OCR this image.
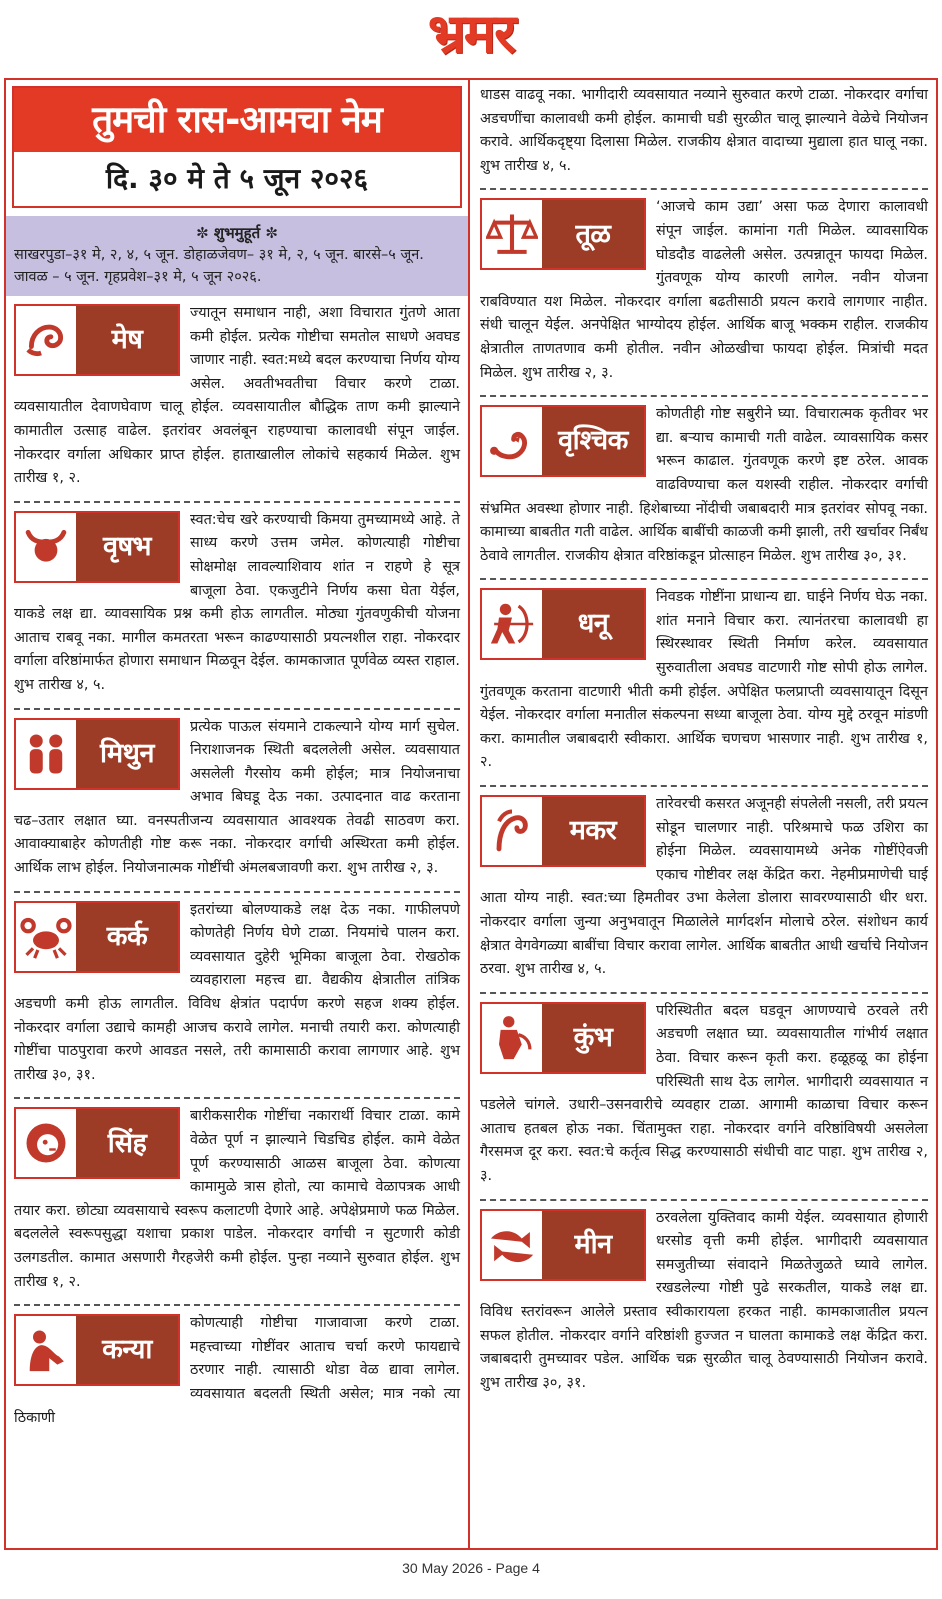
भ्रमर
तुमची रास-आमचा नेम
दि. ३० मे ते ५ जून २०२६
✼ शुभमुहूर्त ✼
साखरपुडा–३१ मे, २, ४, ५ जून. डोहाळजेवण– ३१ मे, २, ५ जून. बारसे–५ जून. जावळ – ५ जून. गृहप्रवेश–३१ मे, ५ जून २०२६.
मेष
ज्यातून समाधान नाही, अशा विचारात गुंतणे आता कमी होईल. प्रत्येक गोष्टीचा समतोल साधणे अवघड जाणार नाही. स्वत:मध्ये बदल करण्याचा निर्णय योग्य असेल. अवतीभवतीचा विचार करणे टाळा. व्यवसायातील देवाणघेवाण चालू होईल. व्यवसायातील बौद्धिक ताण कमी झाल्याने कामातील उत्साह वाढेल. इतरांवर अवलंबून राहण्याचा कालावधी संपून जाईल. नोकरदार वर्गाला अधिकार प्राप्त होईल. हाताखालील लोकांचे सहकार्य मिळेल. शुभ तारीख १, २.
वृषभ
स्वत:चेच खरे करण्याची किमया तुमच्यामध्ये आहे. ते साध्य करणे उत्तम जमेल. कोणत्याही गोष्टीचा सोक्षमोक्ष लावल्याशिवाय शांत न राहणे हे सूत्र बाजूला ठेवा. एकजुटीने निर्णय कसा घेता येईल, याकडे लक्ष द्या. व्यावसायिक प्रश्न कमी होऊ लागतील. मोठ्या गुंतवणुकीची योजना आताच राबवू नका. मागील कमतरता भरून काढण्यासाठी प्रयत्नशील राहा. नोकरदार वर्गाला वरिष्ठांमार्फत होणारा समाधान मिळवून देईल. कामकाजात पूर्णवेळ व्यस्त राहाल. शुभ तारीख ४, ५.
मिथुन
प्रत्येक पाऊल संयमाने टाकल्याने योग्य मार्ग सुचेल. निराशाजनक स्थिती बदललेली असेल. व्यवसायात असलेली गैरसोय कमी होईल; मात्र नियोजनाचा अभाव बिघडू देऊ नका. उत्पादनात वाढ करताना चढ–उतार लक्षात घ्या. वनस्पतीजन्य व्यवसायात आवश्यक तेवढी साठवण करा. आवाक्याबाहेर कोणतीही गोष्ट करू नका. नोकरदार वर्गाची अस्थिरता कमी होईल. आर्थिक लाभ होईल. नियोजनात्मक गोष्टींची अंमलबजावणी करा. शुभ तारीख २, ३.
कर्क
इतरांच्या बोलण्याकडे लक्ष देऊ नका. गाफीलपणे कोणतेही निर्णय घेणे टाळा. नियमांचे पालन करा. व्यवसायात दुहेरी भूमिका बाजूला ठेवा. रोखठोक व्यवहाराला महत्त्व द्या. वैद्यकीय क्षेत्रातील तांत्रिक अडचणी कमी होऊ लागतील. विविध क्षेत्रांत पदार्पण करणे सहज शक्य होईल. नोकरदार वर्गाला उद्याचे कामही आजच करावे लागेल. मनाची तयारी करा. कोणत्याही गोष्टींचा पाठपुरावा करणे आवडत नसले, तरी कामासाठी करावा लागणार आहे. शुभ तारीख ३०, ३१.
सिंह
बारीकसारीक गोष्टींचा नकारार्थी विचार टाळा. कामे वेळेत पूर्ण न झाल्याने चिडचिड होईल. कामे वेळेत पूर्ण करण्यासाठी आळस बाजूला ठेवा. कोणत्या कामामुळे त्रास होतो, त्या कामाचे वेळापत्रक आधी तयार करा. छोट्या व्यवसायाचे स्वरूप कलाटणी देणारे आहे. अपेक्षेप्रमाणे फळ मिळेल. बदललेले स्वरूपसुद्धा यशाचा प्रकाश पाडेल. नोकरदार वर्गाची न सुटणारी कोडी उलगडतील. कामात असणारी गैरहजेरी कमी होईल. पुन्हा नव्याने सुरुवात होईल. शुभ तारीख १, २.
कन्या
कोणत्याही गोष्टीचा गाजावाजा करणे टाळा. महत्त्वाच्या गोष्टींवर आताच चर्चा करणे फायद्याचे ठरणार नाही. त्यासाठी थोडा वेळ द्यावा लागेल. व्यवसायात बदलती स्थिती असेल; मात्र नको त्या ठिकाणी
धाडस वाढवू नका. भागीदारी व्यवसायात नव्याने सुरुवात करणे टाळा. नोकरदार वर्गाचा अडचणींचा कालावधी कमी होईल. कामाची घडी सुरळीत चालू झाल्याने वेळेचे नियोजन करावे. आर्थिकदृष्ट्या दिलासा मिळेल. राजकीय क्षेत्रात वादाच्या मुद्याला हात घालू नका. शुभ तारीख ४, ५.
तूळ
‘आजचे काम उद्या’ असा फळ देणारा कालावधी संपून जाईल. कामांना गती मिळेल. व्यावसायिक घोडदौड वाढलेली असेल. उत्पन्नातून फायदा मिळेल. गुंतवणूक योग्य कारणी लागेल. नवीन योजना राबविण्यात यश मिळेल. नोकरदार वर्गाला बढतीसाठी प्रयत्न करावे लागणार नाहीत. संधी चालून येईल. अनपेक्षित भाग्योदय होईल. आर्थिक बाजू भक्कम राहील. राजकीय क्षेत्रातील ताणतणाव कमी होतील. नवीन ओळखीचा फायदा होईल. मित्रांची मदत मिळेल. शुभ तारीख २, ३.
वृश्चिक
कोणतीही गोष्ट सबुरीने घ्या. विचारात्मक कृतीवर भर द्या. बऱ्याच कामाची गती वाढेल. व्यावसायिक कसर भरून काढाल. गुंतवणूक करणे इष्ट ठरेल. आवक वाढविण्याचा कल यशस्वी राहील. नोकरदार वर्गाची संभ्रमित अवस्था होणार नाही. हिशेबाच्या नोंदीची जबाबदारी मात्र इतरांवर सोपवू नका. कामाच्या बाबतीत गती वाढेल. आर्थिक बाबींची काळजी कमी झाली, तरी खर्चावर निर्बंध ठेवावे लागतील. राजकीय क्षेत्रात वरिष्ठांकडून प्रोत्साहन मिळेल. शुभ तारीख ३०, ३१.
धनू
निवडक गोष्टींना प्राधान्य द्या. घाईने निर्णय घेऊ नका. शांत मनाने विचार करा. त्यानंतरचा कालावधी हा स्थिरस्थावर स्थिती निर्माण करेल. व्यवसायात सुरुवातीला अवघड वाटणारी गोष्ट सोपी होऊ लागेल. गुंतवणूक करताना वाटणारी भीती कमी होईल. अपेक्षित फलप्राप्ती व्यवसायातून दिसून येईल. नोकरदार वर्गाला मनातील संकल्पना सध्या बाजूला ठेवा. योग्य मुद्दे ठरवून मांडणी करा. कामातील जबाबदारी स्वीकारा. आर्थिक चणचण भासणार नाही. शुभ तारीख १, २.
मकर
तारेवरची कसरत अजूनही संपलेली नसली, तरी प्रयत्न सोडून चालणार नाही. परिश्रमाचे फळ उशिरा का होईना मिळेल. व्यवसायामध्ये अनेक गोष्टींऐवजी एकाच गोष्टीवर लक्ष केंद्रित करा. नेहमीप्रमाणेची घाई आता योग्य नाही. स्वत:च्या हिमतीवर उभा केलेला डोलारा सावरण्यासाठी धीर धरा. नोकरदार वर्गाला जुन्या अनुभवातून मिळालेले मार्गदर्शन मोलाचे ठरेल. संशोधन कार्य क्षेत्रात वेगवेगळ्या बाबींचा विचार करावा लागेल. आर्थिक बाबतीत आधी खर्चाचे नियोजन ठरवा. शुभ तारीख ४, ५.
कुंभ
परिस्थितीत बदल घडवून आणण्याचे ठरवले तरी अडचणी लक्षात घ्या. व्यवसायातील गांभीर्य लक्षात ठेवा. विचार करून कृती करा. हळूहळू का होईना परिस्थिती साथ देऊ लागेल. भागीदारी व्यवसायात न पडलेले चांगले. उधारी–उसनवारीचे व्यवहार टाळा. आगामी काळाचा विचार करून आताच हतबल होऊ नका. चिंतामुक्त राहा. नोकरदार वर्गाने वरिष्ठांविषयी असलेला गैरसमज दूर करा. स्वत:चे कर्तृत्व सिद्ध करण्यासाठी संधीची वाट पाहा. शुभ तारीख २, ३.
मीन
ठरवलेला युक्तिवाद कामी येईल. व्यवसायात होणारी धरसोड वृत्ती कमी होईल. भागीदारी व्यवसायात समजुतीच्या संवादाने मिळतेजुळते घ्यावे लागेल. रखडलेल्या गोष्टी पुढे सरकतील, याकडे लक्ष द्या. विविध स्तरांवरून आलेले प्रस्ताव स्वीकारायला हरकत नाही. कामकाजातील प्रयत्न सफल होतील. नोकरदार वर्गाने वरिष्ठांशी हुज्जत न घालता कामाकडे लक्ष केंद्रित करा. जबाबदारी तुमच्यावर पडेल. आर्थिक चक्र सुरळीत चालू ठेवण्यासाठी नियोजन करावे. शुभ तारीख ३०, ३१.
30 May 2026 - Page 4
